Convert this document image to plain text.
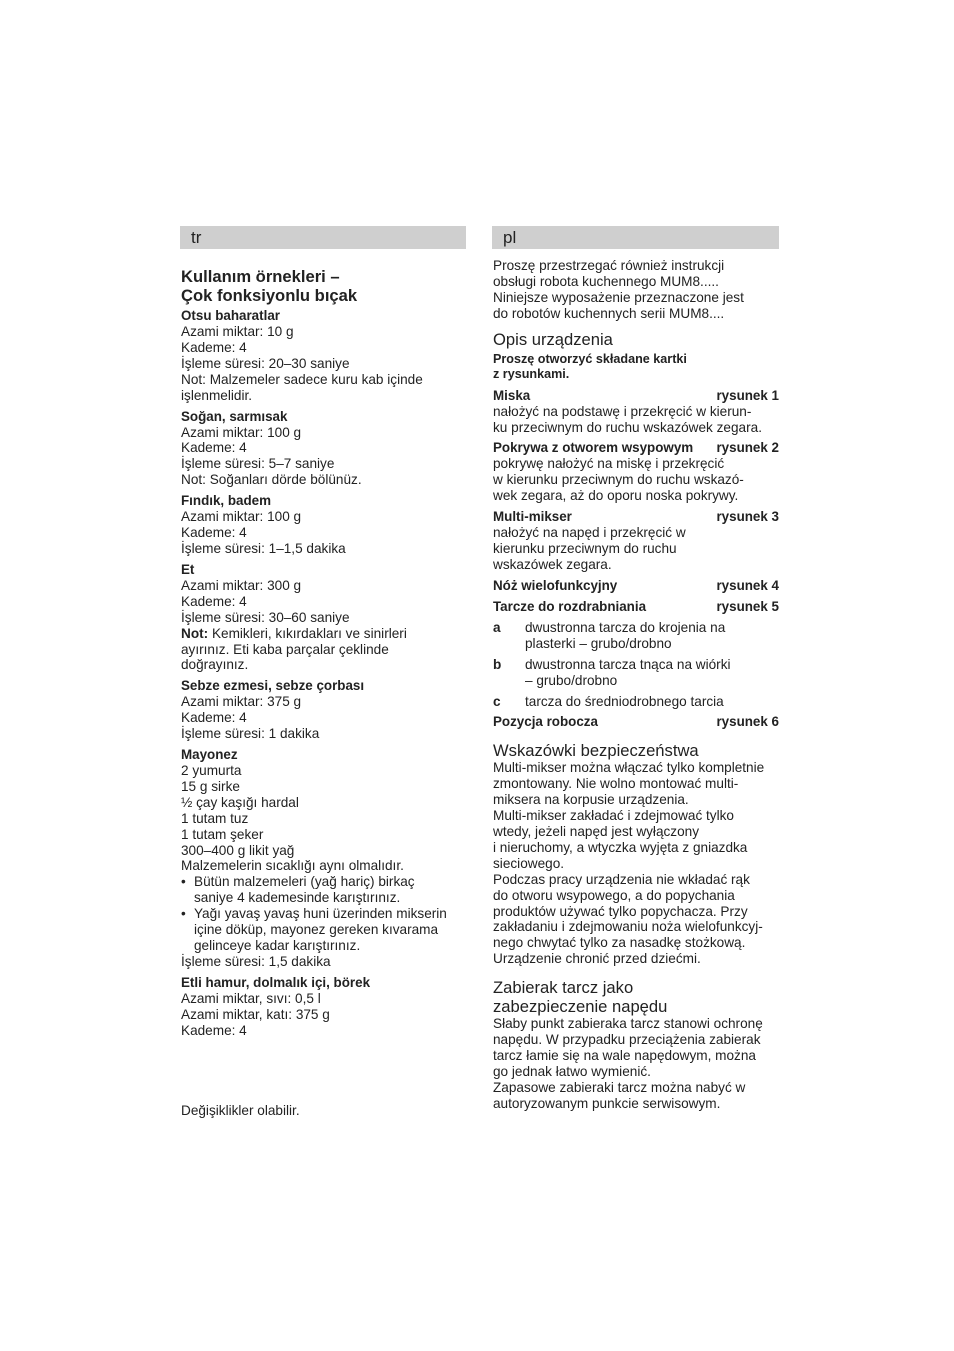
tr
Kullanım örnekleri –
Çok fonksiyonlu bıçak
Otsu baharatlar
Azami miktar: 10 g
Kademe: 4
İşleme süresi: 20–30 saniye
Not: Malzemeler sadece kuru kab içinde
işlenmelidir.
Soğan, sarmısak
Azami miktar: 100 g
Kademe: 4
İşleme süresi: 5–7 saniye
Not: Soğanları dörde bölünüz.
Fındık, badem
Azami miktar: 100 g
Kademe: 4
İşleme süresi: 1–1,5 dakika
Et
Azami miktar: 300 g
Kademe: 4
İşleme süresi: 30–60 saniye
Not: Kemikleri, kıkırdakları ve sinirleri
ayırınız. Eti kaba parçalar çeklinde
doğrayınız.
Sebze ezmesi, sebze çorbası
Azami miktar: 375 g
Kademe: 4
İşleme süresi: 1 dakika
Mayonez
2 yumurta
15 g sirke
½ çay kaşığı hardal
1 tutam tuz
1 tutam şeker
300–400 g likit yağ
Malzemelerin sıcaklığı aynı olmalıdır.
• Bütün malzemeleri (yağ hariç) birkaç
saniye 4 kademesinde karıştırınız.
• Yağı yavaş yavaş huni üzerinden mikserin
içine döküp, mayonez gereken kıvarama
gelinceye kadar karıştırınız.
İşleme süresi: 1,5 dakika
Etli hamur, dolmalık içi, börek
Azami miktar, sıvı: 0,5 l
Azami miktar, katı: 375 g
Kademe: 4
Değişiklikler olabilir.
pl
Proszę przestrzegać również instrukcji
obsługi robota kuchennego MUM8.....
Niniejsze wyposażenie przeznaczone jest
do robotów kuchennych serii MUM8....
Opis urządzenia
Proszę otworzyć składane kartki
z rysunkami.
Miska	rysunek 1
nałożyć na podstawę i przekręcić w kierun-
ku przeciwnym do ruchu wskazówek zegara.
Pokrywa z otworem wsypowym rysunek 2
pokrywę nałożyć na miskę i przekręcić
w kierunku przeciwnym do ruchu wskazó-
wek zegara, aż do oporu noska pokrywy.
Multi-mikser	rysunek 3
nałożyć na napęd i przekręcić w
kierunku przeciwnym do ruchu
wskazówek zegara.
Nóż wielofunkcyjny	rysunek 4
Tarcze do rozdrabniania	rysunek 5
a	dwustronna tarcza do krojenia na
plasterki – grubo/drobno
b	dwustronna tarcza tnąca na wiórki
– grubo/drobno
c	tarcza do średniodrobnego tarcia
Pozycja robocza	rysunek 6
Wskazówki bezpieczeństwa
Multi-mikser można włączać tylko kompletnie
zmontowany. Nie wolno montować multi-
miksera na korpusie urządzenia.
Multi-mikser zakładać i zdejmować tylko
wtedy, jeżeli napęd jest wyłączony
i nieruchomy, a wtyczka wyjęta z gniazdka
sieciowego.
Podczas pracy urządzenia nie wkładać rąk
do otworu wsypowego, a do popychania
produktów używać tylko popychacza. Przy
zakładaniu i zdejmowaniu noża wielofunkcyj-
nego chwytać tylko za nasadkę stożkową.
Urządzenie chronić przed dziećmi.
Zabierak tarcz jako
zabezpieczenie napędu
Słaby punkt zabieraka tarcz stanowi ochronę
napędu. W przypadku przeciążenia zabierak
tarcz łamie się na wale napędowym, można
go jednak łatwo wymienić.
Zapasowe zabieraki tarcz można nabyć w
autoryzowanym punkcie serwisowym.
